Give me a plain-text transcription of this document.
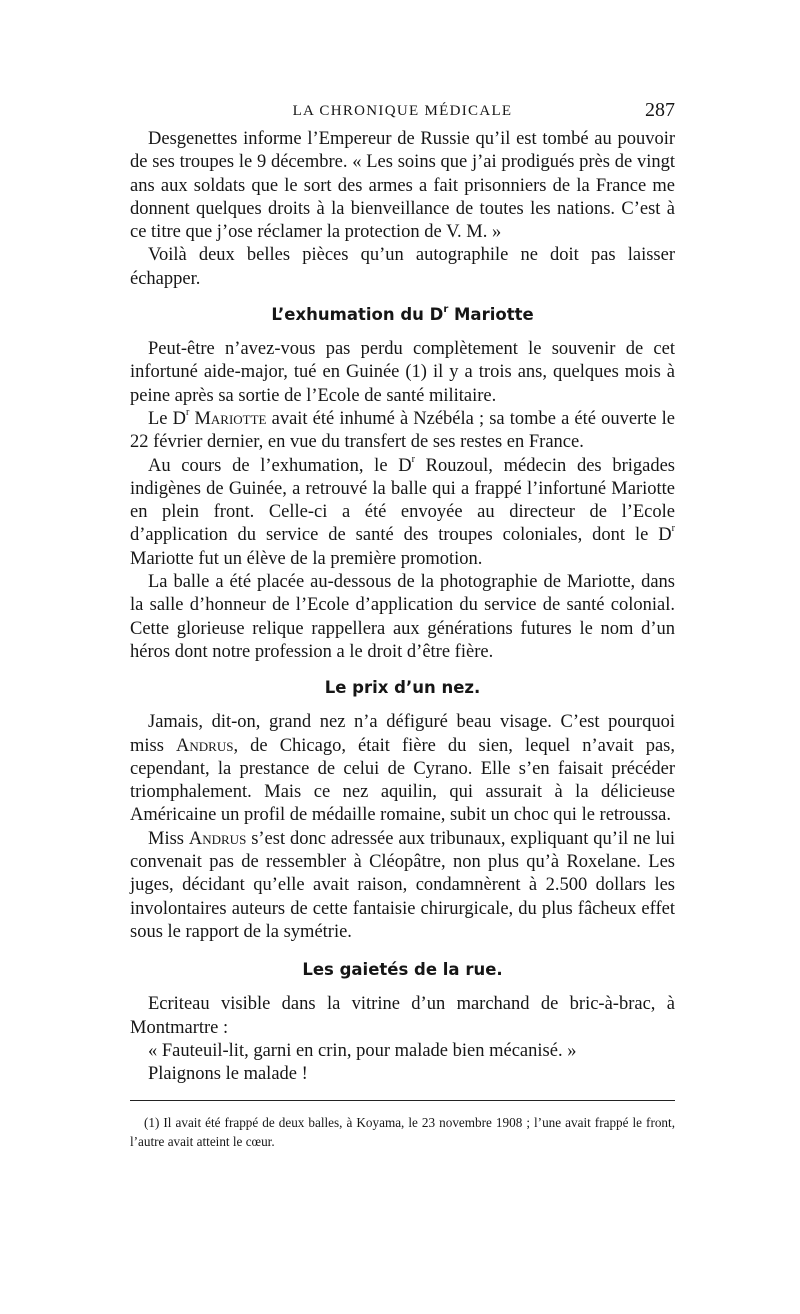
LA CHRONIQUE MÉDICALE	287

Desgenettes informe l’Empereur de Russie qu’il est tombé au pouvoir de ses troupes le 9 décembre. « Les soins que j’ai prodigués près de vingt ans aux soldats que le sort des armes a fait prisonniers de la France me donnent quelques droits à la bienveillance de toutes les nations. C’est à ce titre que j’ose réclamer la protection de V. M. »

Voilà deux belles pièces qu’un autographile ne doit pas laisser échapper.

L’exhumation du $D^r$ Mariotte

Peut-être n’avez-vous pas perdu complètement le souvenir de cet infortuné aide-major, tué en Guinée (1) il y a trois ans, quelques mois à peine après sa sortie de l’Ecole de santé militaire.

Le $D^r$ Mariotte avait été inhumé à Nzébéla ; sa tombe a été ouverte le 22 février dernier, en vue du transfert de ses restes en France.

Au cours de l’exhumation, le $D^r$ Rouzoul, médecin des brigades indigènes de Guinée, a retrouvé la balle qui a frappé l’infortuné Mariotte en plein front. Celle-ci a été envoyée au directeur de l’Ecole d’application du service de santé des troupes coloniales, dont le $D^r$ Mariotte fut un élève de la première promotion.

La balle a été placée au-dessous de la photographie de Mariotte, dans la salle d’honneur de l’Ecole d’application du service de santé colonial. Cette glorieuse relique rappellera aux générations futures le nom d’un héros dont notre profession a le droit d’être fière.

Le prix d’un nez.

Jamais, dit-on, grand nez n’a défiguré beau visage. C’est pourquoi miss Andrus, de Chicago, était fière du sien, lequel n’avait pas, cependant, la prestance de celui de Cyrano. Elle s’en faisait précéder triomphalement. Mais ce nez aquilin, qui assurait à la délicieuse Américaine un profil de médaille romaine, subit un choc qui le retroussa.

Miss Andrus s’est donc adressée aux tribunaux, expliquant qu’il ne lui convenait pas de ressembler à Cléopâtre, non plus qu’à Roxelane. Les juges, décidant qu’elle avait raison, condamnèrent à 2.500 dollars les involontaires auteurs de cette fantaisie chirurgicale, du plus fâcheux effet sous le rapport de la symétrie.

Les gaietés de la rue.

Ecriteau visible dans la vitrine d’un marchand de bric-à-brac, à Montmartre :

« Fauteuil-lit, garni en crin, pour malade bien mécanisé. »

Plaignons le malade !

(1) Il avait été frappé de deux balles, à Koyama, le 23 novembre 1908 ; l’une avait frappé le front, l’autre avait atteint le cœur.
